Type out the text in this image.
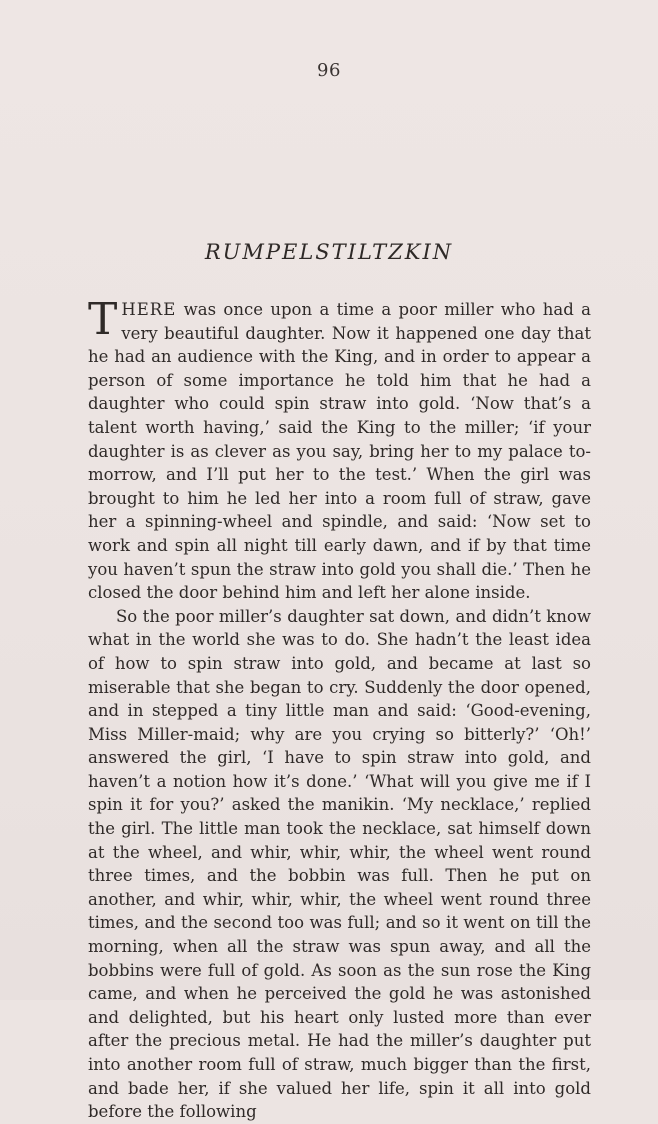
96
RUMPELSTILTZKIN

THERE was once upon a time a poor miller who had a very beautiful daughter. Now it happened one day that he had an audience with the King, and in order to appear a person of some importance he told him that he had a daughter who could spin straw into gold. ‘Now that’s a talent worth having,’ said the King to the miller; ‘if your daughter is as clever as you say, bring her to my palace to-morrow, and I’ll put her to the test.’ When the girl was brought to him he led her into a room full of straw, gave her a spinning-wheel and spindle, and said: ‘Now set to work and spin all night till early dawn, and if by that time you haven’t spun the straw into gold you shall die.’ Then he closed the door behind him and left her alone inside.

So the poor miller’s daughter sat down, and didn’t know what in the world she was to do. She hadn’t the least idea of how to spin straw into gold, and became at last so miserable that she began to cry. Suddenly the door opened, and in stepped a tiny little man and said: ‘Good-evening, Miss Miller-maid; why are you crying so bitterly?’ ‘Oh!’ answered the girl, ‘I have to spin straw into gold, and haven’t a notion how it’s done.’ ‘What will you give me if I spin it for you?’ asked the manikin. ‘My necklace,’ replied the girl. The little man took the necklace, sat himself down at the wheel, and whir, whir, whir, the wheel went round three times, and the bobbin was full. Then he put on another, and whir, whir, whir, the wheel went round three times, and the second too was full; and so it went on till the morning, when all the straw was spun away, and all the bobbins were full of gold. As soon as the sun rose the King came, and when he perceived the gold he was astonished and delighted, but his heart only lusted more than ever after the precious metal. He had the miller’s daughter put into another room full of straw, much bigger than the first, and bade her, if she valued her life, spin it all into gold before the following
